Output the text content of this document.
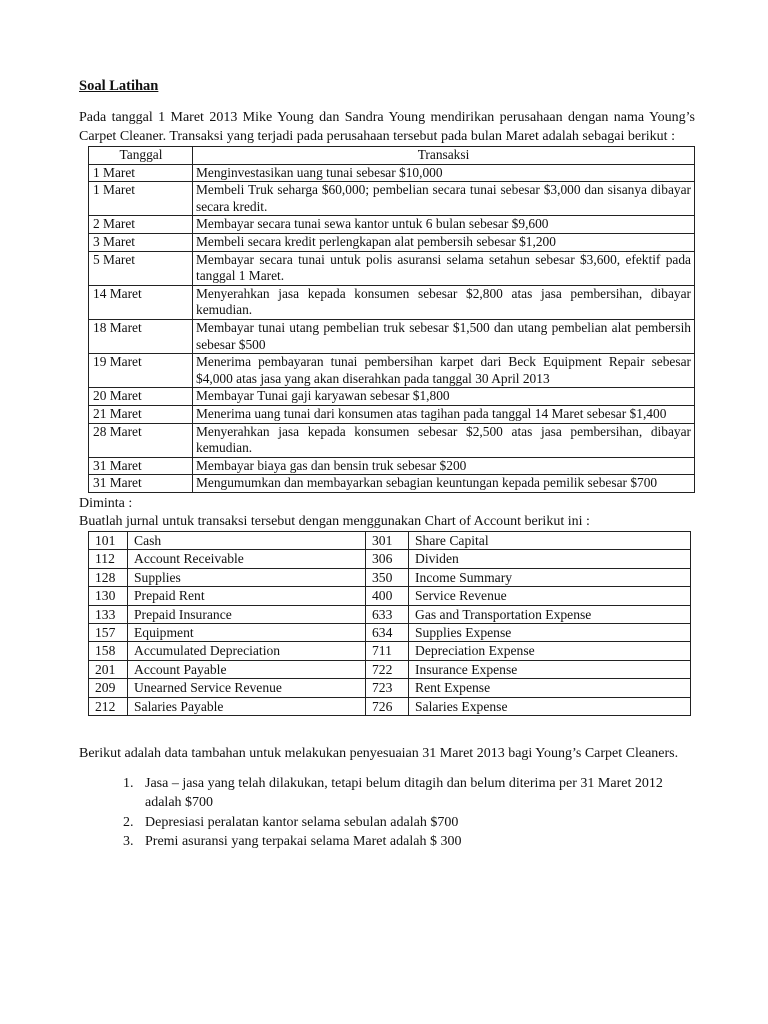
Soal Latihan

Pada tanggal 1 Maret 2013 Mike Young dan Sandra Young mendirikan perusahaan dengan nama Young’s Carpet Cleaner. Transaksi yang terjadi pada perusahaan tersebut pada bulan Maret adalah sebagai berikut :

Tanggal	Transaksi
1 Maret	Menginvestasikan uang tunai sebesar $10,000
1 Maret	Membeli Truk seharga $60,000; pembelian secara tunai sebesar $3,000 dan sisanya dibayar secara kredit.
2 Maret	Membayar secara tunai sewa kantor untuk 6 bulan sebesar $9,600
3 Maret	Membeli secara kredit perlengkapan alat pembersih sebesar $1,200
5 Maret	Membayar secara tunai untuk polis asuransi selama setahun sebesar $3,600, efektif pada tanggal 1 Maret.
14 Maret	Menyerahkan jasa kepada konsumen sebesar $2,800 atas jasa pembersihan, dibayar kemudian.
18 Maret	Membayar tunai utang pembelian truk sebesar $1,500 dan utang pembelian alat pembersih sebesar $500
19 Maret	Menerima pembayaran tunai pembersihan karpet dari Beck Equipment Repair sebesar $4,000 atas jasa yang akan diserahkan pada tanggal 30 April 2013
20 Maret	Membayar Tunai gaji karyawan sebesar $1,800
21 Maret	Menerima uang tunai dari konsumen atas tagihan pada tanggal 14 Maret sebesar $1,400
28 Maret	Menyerahkan jasa kepada konsumen sebesar $2,500 atas jasa pembersihan, dibayar kemudian.
31 Maret	Membayar biaya gas dan bensin truk sebesar $200
31 Maret	Mengumumkan dan membayarkan sebagian keuntungan kepada pemilik sebesar $700

Diminta :

Buatlah jurnal untuk transaksi tersebut dengan menggunakan Chart of Account berikut ini :

101	Cash	301	Share Capital
112	Account Receivable	306	Dividen
128	Supplies	350	Income Summary
130	Prepaid Rent	400	Service Revenue
133	Prepaid Insurance	633	Gas and Transportation Expense
157	Equipment	634	Supplies Expense
158	Accumulated Depreciation	711	Depreciation Expense
201	Account Payable	722	Insurance Expense
209	Unearned Service Revenue	723	Rent Expense
212	Salaries Payable	726	Salaries Expense

Berikut adalah data tambahan untuk melakukan penyesuaian 31 Maret 2013 bagi Young’s Carpet Cleaners.

1. Jasa – jasa yang telah dilakukan, tetapi belum ditagih dan belum diterima per 31 Maret 2012 adalah $700
2. Depresiasi peralatan kantor selama sebulan adalah $700
3. Premi asuransi yang terpakai selama Maret adalah $ 300
